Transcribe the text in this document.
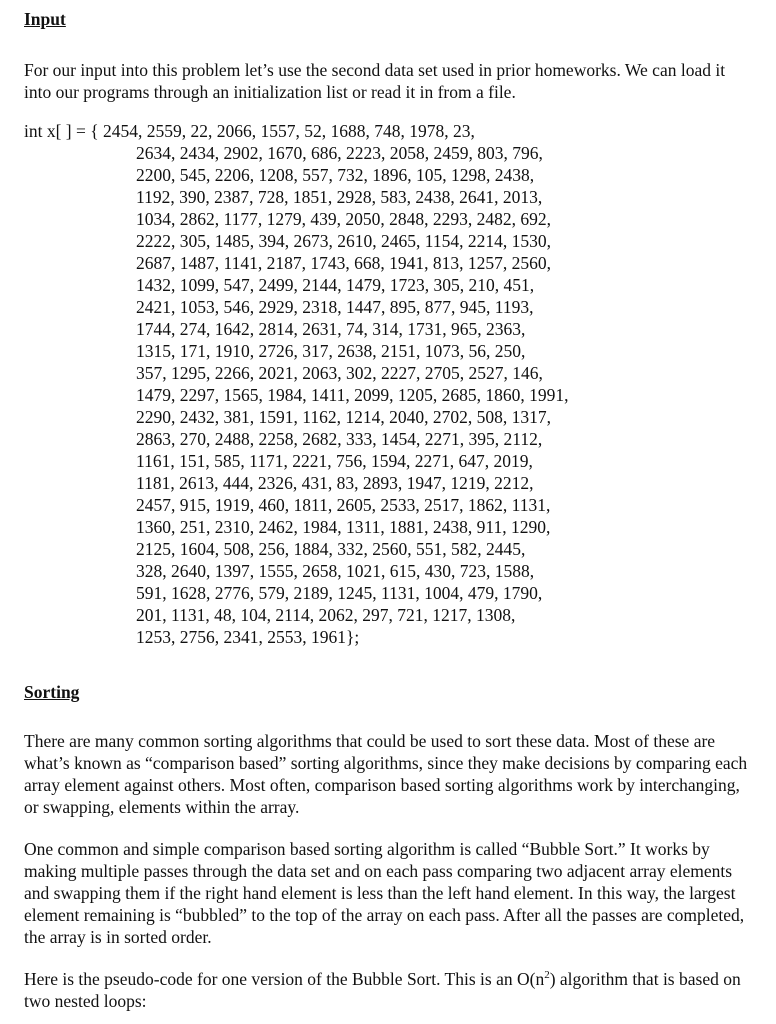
Input

For our input into this problem let’s use the second data set used in prior homeworks. We can load it into our programs through an initialization list or read it in from a file.

int x[ ] = { 2454, 2559, 22, 2066, 1557, 52, 1688, 748, 1978, 23,
2634, 2434, 2902, 1670, 686, 2223, 2058, 2459, 803, 796,
2200, 545, 2206, 1208, 557, 732, 1896, 105, 1298, 2438,
1192, 390, 2387, 728, 1851, 2928, 583, 2438, 2641, 2013,
1034, 2862, 1177, 1279, 439, 2050, 2848, 2293, 2482, 692,
2222, 305, 1485, 394, 2673, 2610, 2465, 1154, 2214, 1530,
2687, 1487, 1141, 2187, 1743, 668, 1941, 813, 1257, 2560,
1432, 1099, 547, 2499, 2144, 1479, 1723, 305, 210, 451,
2421, 1053, 546, 2929, 2318, 1447, 895, 877, 945, 1193,
1744, 274, 1642, 2814, 2631, 74, 314, 1731, 965, 2363,
1315, 171, 1910, 2726, 317, 2638, 2151, 1073, 56, 250,
357, 1295, 2266, 2021, 2063, 302, 2227, 2705, 2527, 146,
1479, 2297, 1565, 1984, 1411, 2099, 1205, 2685, 1860, 1991,
2290, 2432, 381, 1591, 1162, 1214, 2040, 2702, 508, 1317,
2863, 270, 2488, 2258, 2682, 333, 1454, 2271, 395, 2112,
1161, 151, 585, 1171, 2221, 756, 1594, 2271, 647, 2019,
1181, 2613, 444, 2326, 431, 83, 2893, 1947, 1219, 2212,
2457, 915, 1919, 460, 1811, 2605, 2533, 2517, 1862, 1131,
1360, 251, 2310, 2462, 1984, 1311, 1881, 2438, 911, 1290,
2125, 1604, 508, 256, 1884, 332, 2560, 551, 582, 2445,
328, 2640, 1397, 1555, 2658, 1021, 615, 430, 723, 1588,
591, 1628, 2776, 579, 2189, 1245, 1131, 1004, 479, 1790,
201, 1131, 48, 104, 2114, 2062, 297, 721, 1217, 1308,
1253, 2756, 2341, 2553, 1961};
Sorting

There are many common sorting algorithms that could be used to sort these data. Most of these are what’s known as “comparison based” sorting algorithms, since they make decisions by comparing each array element against others. Most often, comparison based sorting algorithms work by interchanging, or swapping, elements within the array.

One common and simple comparison based sorting algorithm is called “Bubble Sort.” It works by making multiple passes through the data set and on each pass comparing two adjacent array elements and swapping them if the right hand element is less than the left hand element. In this way, the largest element remaining is “bubbled” to the top of the array on each pass. After all the passes are completed, the array is in sorted order.

Here is the pseudo-code for one version of the Bubble Sort. This is an $O(n^2)$ algorithm that is based on two nested loops:
